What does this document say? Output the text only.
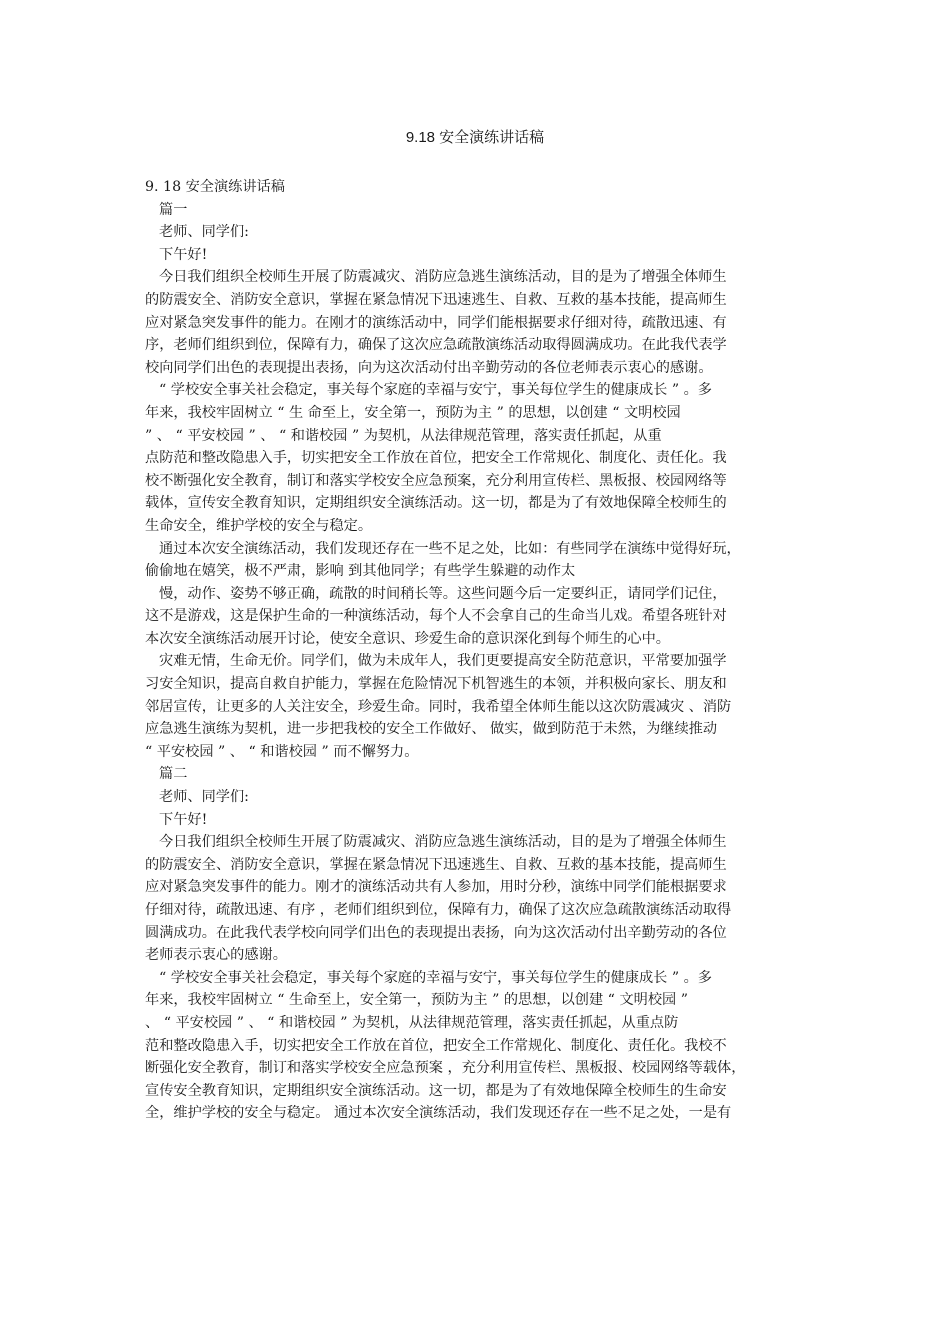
9.18 安全演练讲话稿
9. 18 安全演练讲话稿
篇一
老师、同学们:
下午好!
今日我们组织全校师生开展了防震减灾、消防应急逃生演练活动，目的是为了增强全体师生
的防震安全、消防安全意识，掌握在紧急情况下迅速逃生、自救、互救的基本技能，提高师生
应对紧急突发事件的能力。在刚才的演练活动中，同学们能根据要求仔细对待，疏散迅速、有
序，老师们组织到位，保障有力，确保了这次应急疏散演练活动取得圆满成功。在此我代表学
校向同学们出色的表现提出表扬，向为这次活动付出辛勤劳动的各位老师表示衷心的感谢。
“ 学校安全事关社会稳定，事关每个家庭的幸福与安宁，事关每位学生的健康成长 ” 。多
年来，我校牢固树立 “ 生 命至上，安全第一，预防为主 ” 的思想，以创建 “ 文明校园
” 、 “ 平安校园 ” 、 “ 和谐校园 ” 为契机，从法律规范管理，落实责任抓起，从重
点防范和整改隐患入手，切实把安全工作放在首位，把安全工作常规化、制度化、责任化。我
校不断强化安全教育，制订和落实学校安全应急预案，充分利用宣传栏、黑板报、校园网络等
载体，宣传安全教育知识，定期组织安全演练活动。这一切，都是为了有效地保障全校师生的
生命安全，维护学校的安全与稳定。
通过本次安全演练活动，我们发现还存在一些不足之处，比如：有些同学在演练中觉得好玩，
偷偷地在嬉笑，极不严肃，影响 到其他同学；有些学生躲避的动作太
慢，动作、姿势不够正确，疏散的时间稍长等。这些问题今后一定要纠正，请同学们记住，
这不是游戏，这是保护生命的一种演练活动，每个人不会拿自己的生命当儿戏。希望各班针对
本次安全演练活动展开讨论，使安全意识、珍爱生命的意识深化到每个师生的心中。
灾难无情，生命无价。同学们，做为未成年人，我们更要提高安全防范意识，平常要加强学
习安全知识，提高自救自护能力，掌握在危险情况下机智逃生的本领，并积极向家长、朋友和
邻居宣传，让更多的人关注安全，珍爱生命。同时，我希望全体师生能以这次防震减灾 、消防
应急逃生演练为契机，进一步把我校的安全工作做好、 做实，做到防范于未然，为继续推动
“ 平安校园 ” 、 “ 和谐校园 ” 而不懈努力。
篇二
老师、同学们:
下午好!
今日我们组织全校师生开展了防震减灾、消防应急逃生演练活动，目的是为了增强全体师生
的防震安全、消防安全意识，掌握在紧急情况下迅速逃生、自救、互救的基本技能，提高师生
应对紧急突发事件的能力。刚才的演练活动共有人参加，用时分秒，演练中同学们能根据要求
仔细对待，疏散迅速、有序 ，老师们组织到位，保障有力，确保了这次应急疏散演练活动取得
圆满成功。在此我代表学校向同学们出色的表现提出表扬，向为这次活动付出辛勤劳动的各位
老师表示衷心的感谢。
“ 学校安全事关社会稳定，事关每个家庭的幸福与安宁，事关每位学生的健康成长 ” 。多
年来，我校牢固树立 “ 生命至上，安全第一，预防为主 ” 的思想，以创建 “ 文明校园 ”
、 “ 平安校园 ” 、 “ 和谐校园 ” 为契机，从法律规范管理，落实责任抓起，从重点防
范和整改隐患入手，切实把安全工作放在首位，把安全工作常规化、制度化、责任化。我校不
断强化安全教育，制订和落实学校安全应急预案 ，充分利用宣传栏、黑板报、校园网络等载体，
宣传安全教育知识，定期组织安全演练活动。这一切，都是为了有效地保障全校师生的生命安
全，维护学校的安全与稳定。 通过本次安全演练活动，我们发现还存在一些不足之处，一是有
